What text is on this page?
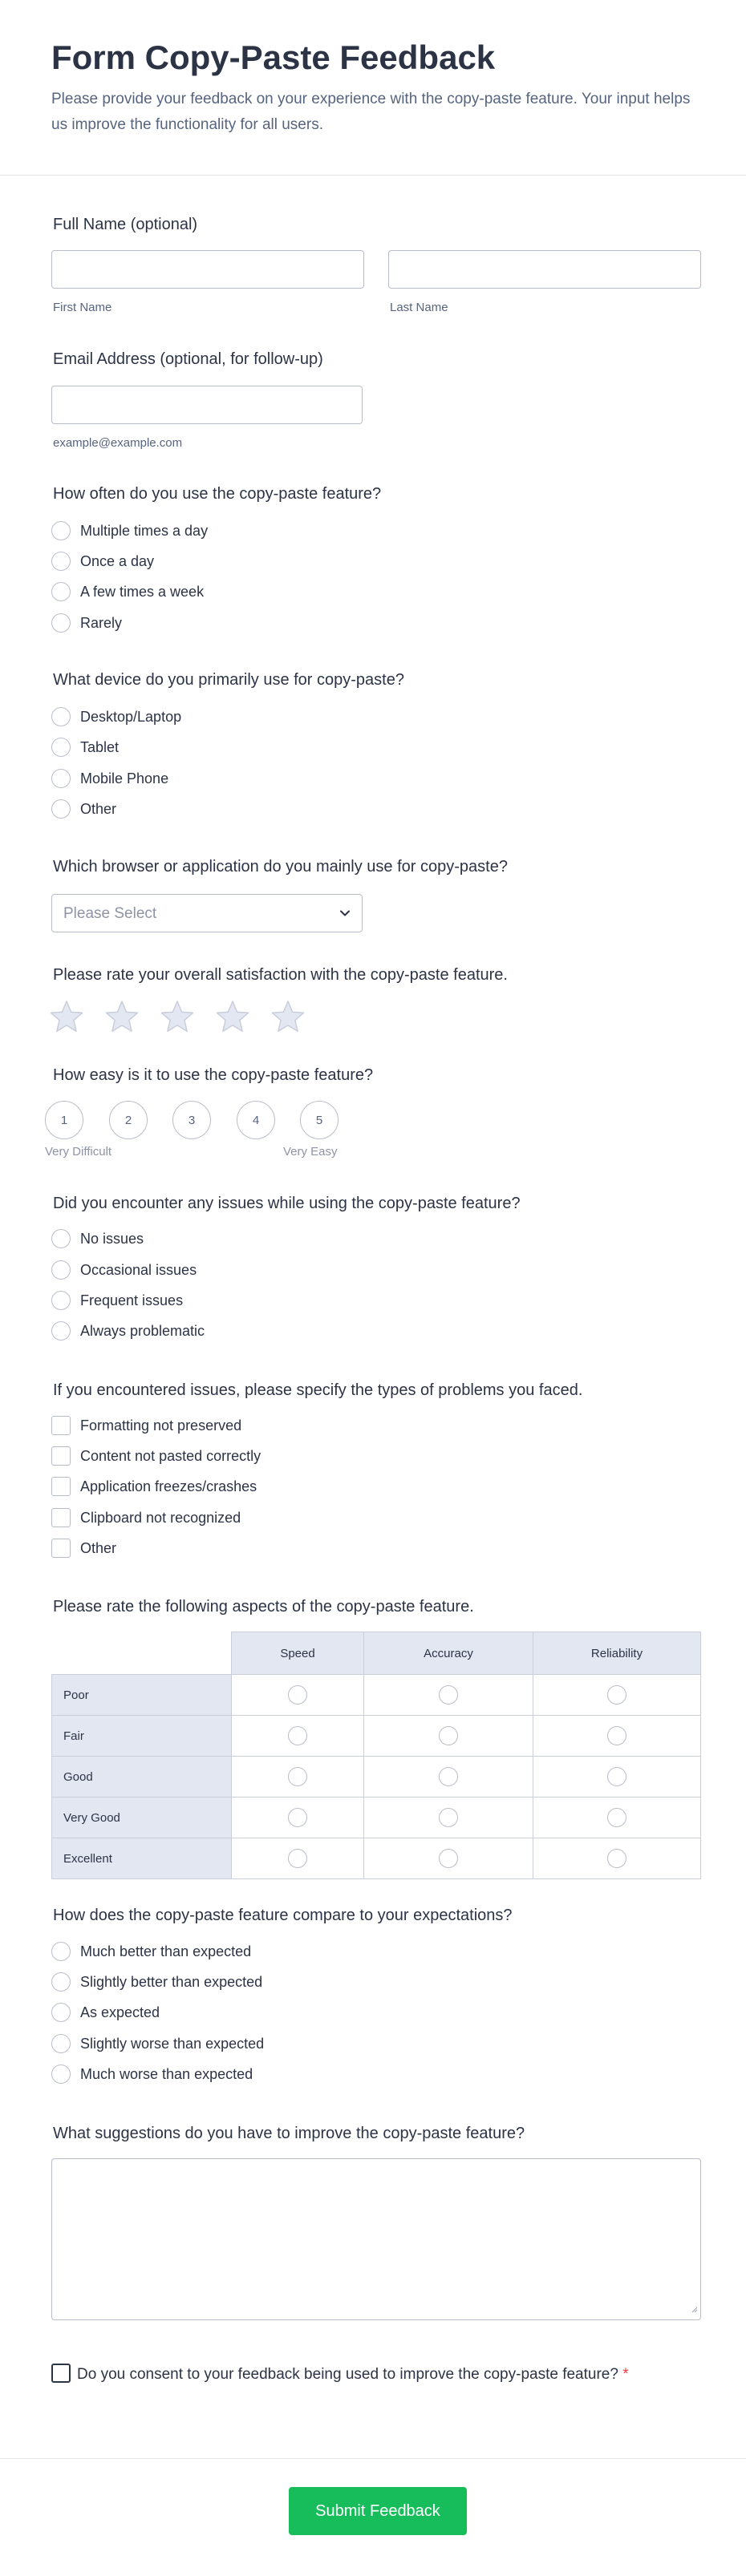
Form Copy-Paste Feedback
Please provide your feedback on your experience with the copy-paste feature. Your input helps us improve the functionality for all users.
Full Name (optional)
First Name	Last Name
Email Address (optional, for follow-up)
example@example.com
How often do you use the copy-paste feature?
Multiple times a day
Once a day
A few times a week
Rarely
What device do you primarily use for copy-paste?
Desktop/Laptop
Tablet
Mobile Phone
Other
Which browser or application do you mainly use for copy-paste?
Please Select
Please rate your overall satisfaction with the copy-paste feature.
How easy is it to use the copy-paste feature?
1	2	3	4	5
Very Difficult	Very Easy
Did you encounter any issues while using the copy-paste feature?
No issues
Occasional issues
Frequent issues
Always problematic
If you encountered issues, please specify the types of problems you faced.
Formatting not preserved
Content not pasted correctly
Application freezes/crashes
Clipboard not recognized
Other
Please rate the following aspects of the copy-paste feature.
	Speed	Accuracy	Reliability
Poor			
Fair			
Good			
Very Good			
Excellent			
How does the copy-paste feature compare to your expectations?
Much better than expected
Slightly better than expected
As expected
Slightly worse than expected
Much worse than expected
What suggestions do you have to improve the copy-paste feature?
Do you consent to your feedback being used to improve the copy-paste feature? *
Submit Feedback
